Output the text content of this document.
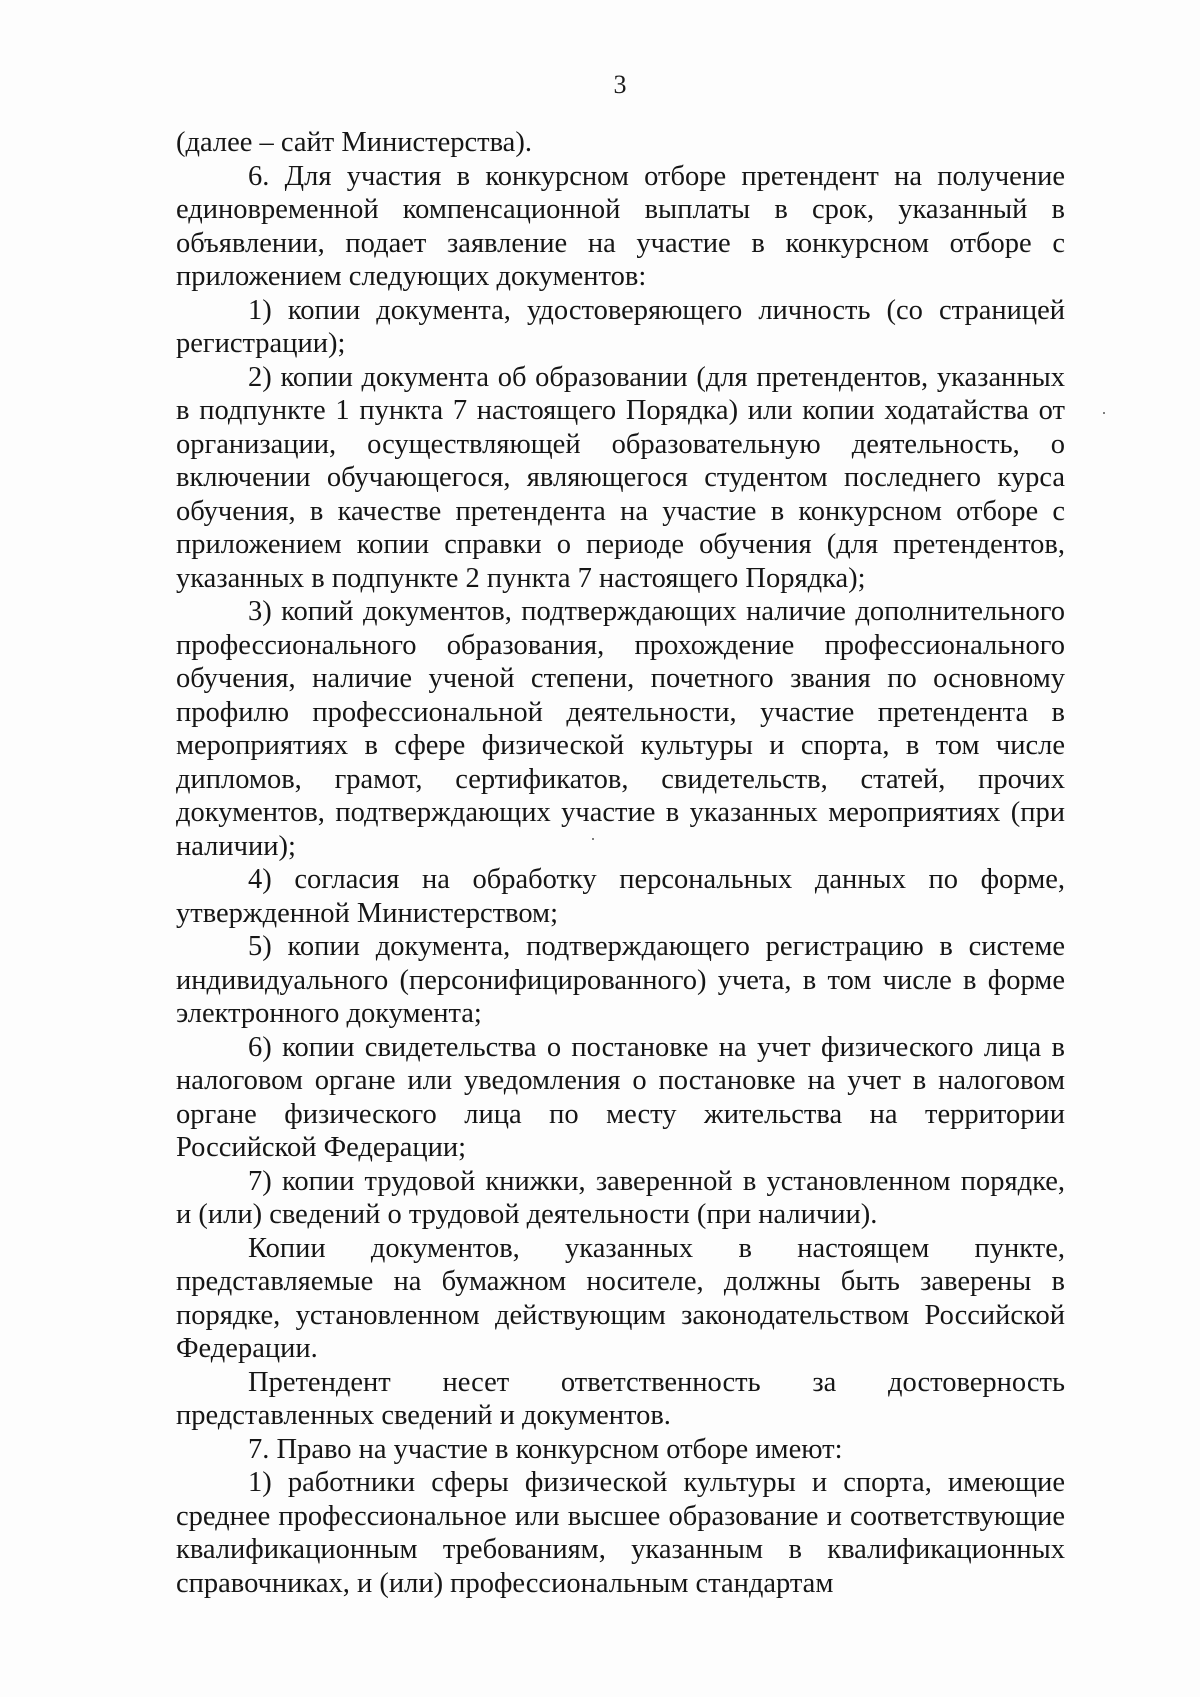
3

(далее – сайт Министерства).

6. Для участия в конкурсном отборе претендент на получение единовременной компенсационной выплаты в срок, указанный в объявлении, подает заявление на участие в конкурсном отборе с приложением следующих документов:

1) копии документа, удостоверяющего личность (со страницей регистрации);

2) копии документа об образовании (для претендентов, указанных в подпункте 1 пункта 7 настоящего Порядка) или копии ходатайства от организации, осуществляющей образовательную деятельность, о включении обучающегося, являющегося студентом последнего курса обучения, в качестве претендента на участие в конкурсном отборе с приложением копии справки о периоде обучения (для претендентов, указанных в подпункте 2 пункта 7 настоящего Порядка);

3) копий документов, подтверждающих наличие дополнительного профессионального образования, прохождение профессионального обучения, наличие ученой степени, почетного звания по основному профилю профессиональной деятельности, участие претендента в мероприятиях в сфере физической культуры и спорта, в том числе дипломов, грамот, сертификатов, свидетельств, статей, прочих документов, подтверждающих участие в указанных мероприятиях (при наличии);

4) согласия на обработку персональных данных по форме, утвержденной Министерством;

5) копии документа, подтверждающего регистрацию в системе индивидуального (персонифицированного) учета, в том числе в форме электронного документа;

6) копии свидетельства о постановке на учет физического лица в налоговом органе или уведомления о постановке на учет в налоговом органе физического лица по месту жительства на территории Российской Федерации;

7) копии трудовой книжки, заверенной в установленном порядке, и (или) сведений о трудовой деятельности (при наличии).

Копии документов, указанных в настоящем пункте, представляемые на бумажном носителе, должны быть заверены в порядке, установленном действующим законодательством Российской Федерации.

Претендент несет ответственность за достоверность представленных сведений и документов.

7. Право на участие в конкурсном отборе имеют:

1) работники сферы физической культуры и спорта, имеющие среднее профессиональное или высшее образование и соответствующие квалификационным требованиям, указанным в квалификационных справочниках, и (или) профессиональным стандартам
